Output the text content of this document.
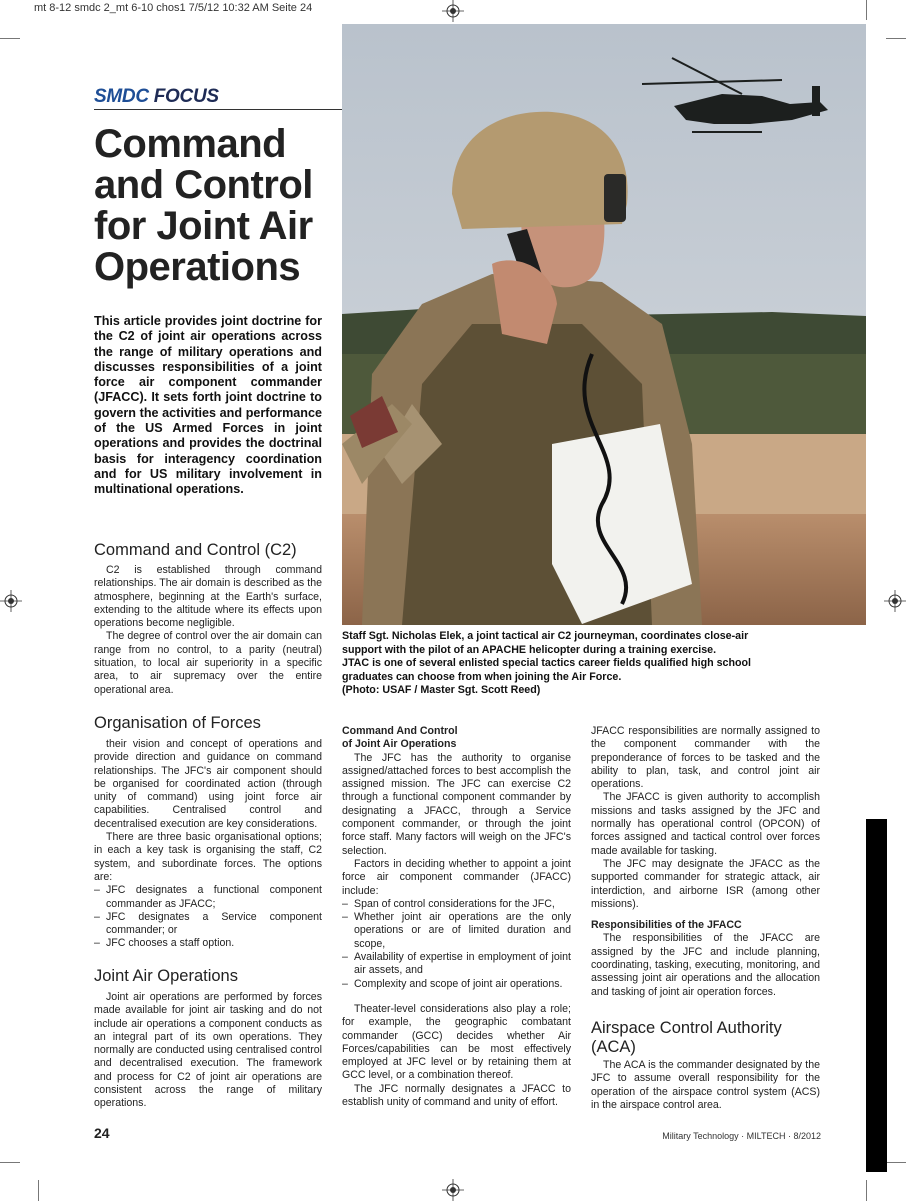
mt 8-12 smdc 2_mt 6-10 chos1 7/5/12 10:32 AM Seite 24
SMDC FOCUS
Command and Control for Joint Air Operations
This article provides joint doctrine for the C2 of joint air operations across the range of military operations and discusses responsibilities of a joint force air component commander (JFACC). It sets forth joint doctrine to govern the activities and performance of the US Armed Forces in joint operations and provides the doctrinal basis for interagency coordination and for US military involvement in multinational operations.
Staff Sgt. Nicholas Elek, a joint tactical air C2 journeyman, coordinates close-air support with the pilot of an APACHE helicopter during a training exercise.
JTAC is one of several enlisted special tactics career fields qualified high school graduates can choose from when joining the Air Force.
(Photo: USAF / Master Sgt. Scott Reed)
Command and Control (C2)

C2 is established through command relationships. The air domain is described as the atmosphere, beginning at the Earth's surface, extending to the altitude where its effects upon operations become negligible.

The degree of control over the air domain can range from no control, to a parity (neutral) situation, to local air superiority in a specific area, to air supremacy over the entire operational area.

Organisation of Forces

their vision and concept of operations and provide direction and guidance on command relationships. The JFC's air component should be organised for coordinated action (through unity of command) using joint force air capabilities. Centralised control and decentralised execution are key considerations.

There are three basic organisational options; in each a key task is organising the staff, C2 system, and subordinate forces. The options are:

– JFC designates a functional component commander as JFACC;
– JFC designates a Service component commander; or
– JFC chooses a staff option.
Joint Air Operations

Joint air operations are performed by forces made available for joint air tasking and do not include air operations a component conducts as an integral part of its own operations. They normally are conducted using centralised control and decentralised execution. The framework and process for C2 of joint air operations are consistent across the range of military operations.

Command And Control

of Joint Air Operations

The JFC has the authority to organise assigned/attached forces to best accomplish the assigned mission. The JFC can exercise C2 through a functional component commander by designating a JFACC, through a Service component commander, or through the joint force staff. Many factors will weigh on the JFC's selection.

Factors in deciding whether to appoint a joint force air component commander (JFACC) include:

– Span of control considerations for the JFC,
– Whether joint air operations are the only operations or are of limited duration and scope,
– Availability of expertise in employment of joint air assets, and
– Complexity and scope of joint air operations.

Theater-level considerations also play a role; for example, the geographic combatant commander (GCC) decides whether Air Forces/capabilities can be most effectively employed at JFC level or by retaining them at GCC level, or a combination thereof.

The JFC normally designates a JFACC to establish unity of command and unity of effort.

JFACC responsibilities are normally assigned to the component commander with the preponderance of forces to be tasked and the ability to plan, task, and control joint air operations.

The JFACC is given authority to accomplish missions and tasks assigned by the JFC and normally has operational control (OPCON) of forces assigned and tactical control over forces made available for tasking.

The JFC may designate the JFACC as the supported commander for strategic attack, air interdiction, and airborne ISR (among other missions).

Responsibilities of the JFACC

The responsibilities of the JFACC are assigned by the JFC and include planning, coordinating, tasking, executing, monitoring, and assessing joint air operations and the allocation and tasking of joint air operation forces.

Airspace Control Authority (ACA)

The ACA is the commander designated by the JFC to assume overall responsibility for the operation of the airspace control system (ACS) in the airspace control area.

24	Military Technology · MILTECH · 8/2012
